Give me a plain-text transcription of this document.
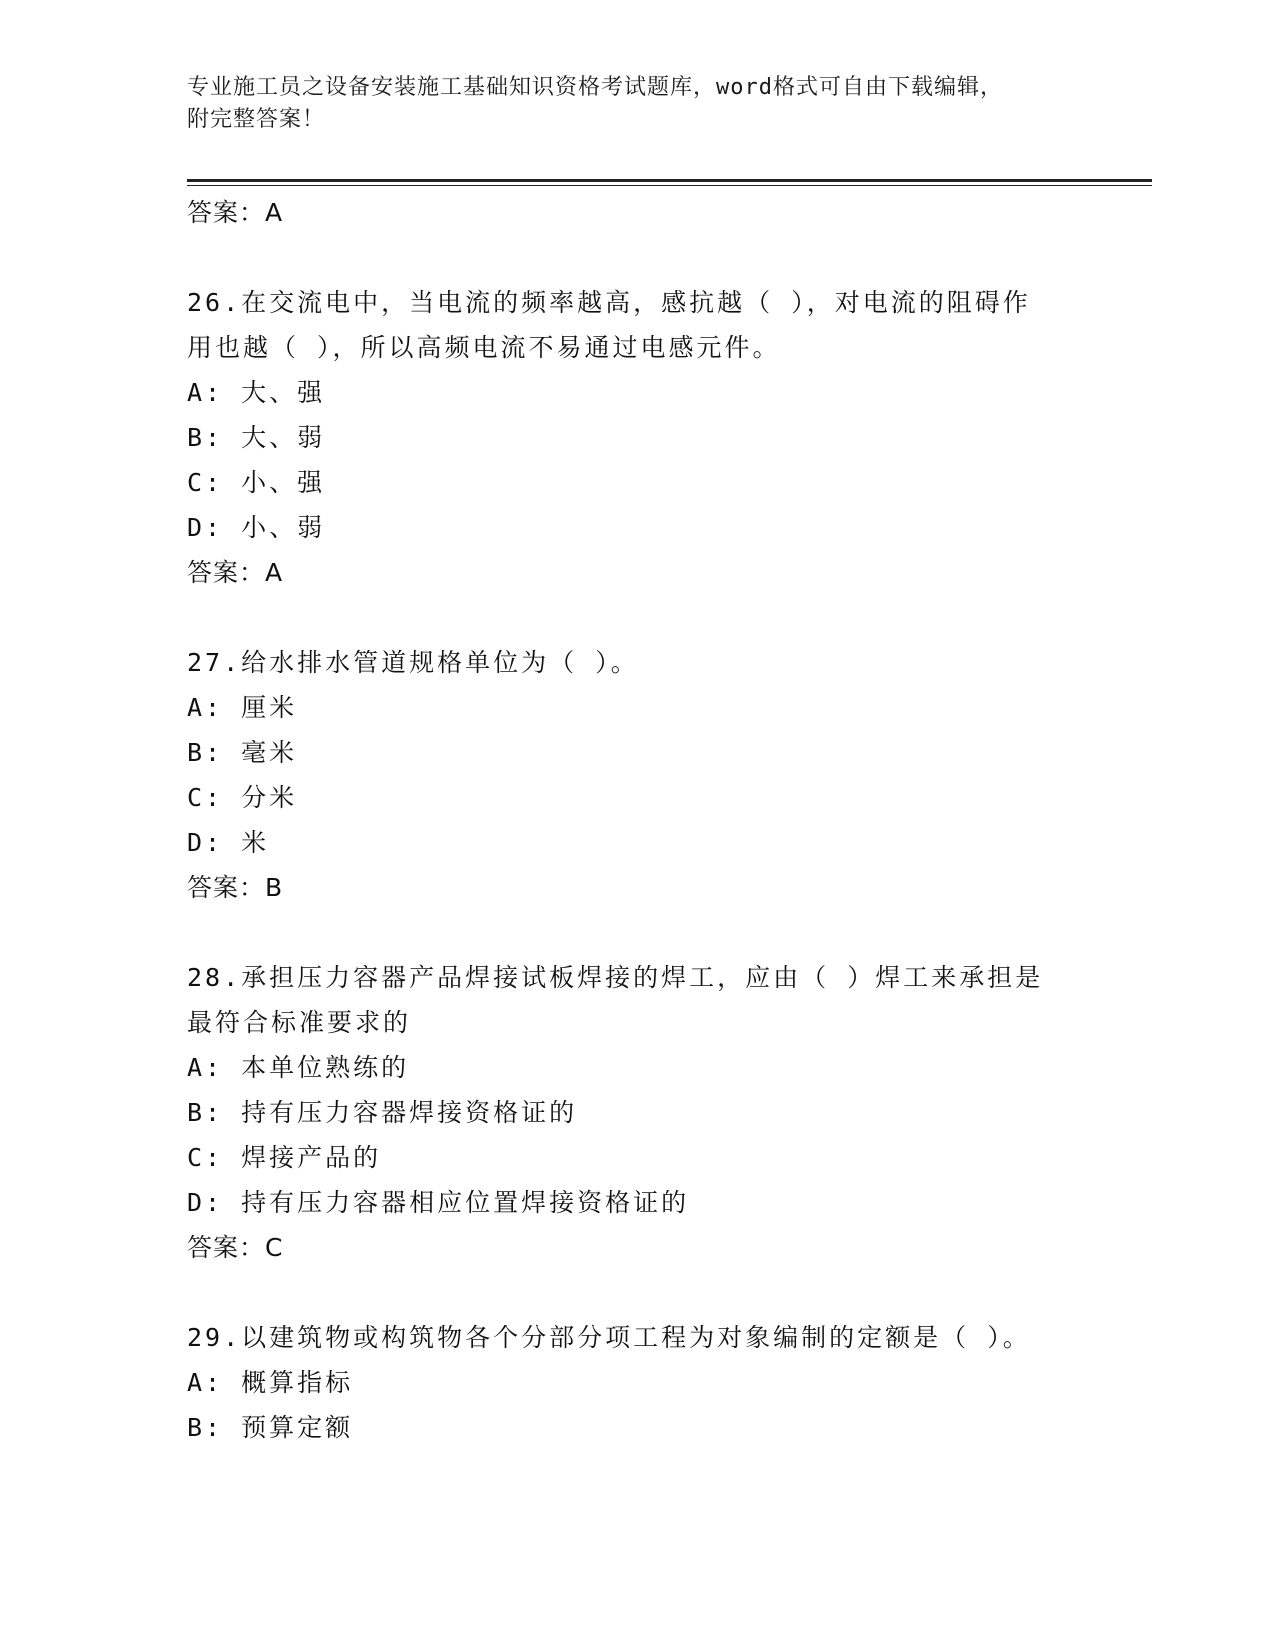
专业施工员之设备安装施工基础知识资格考试题库，word格式可自由下载编辑，
附完整答案！
答案：A
26.在交流电中，当电流的频率越高，感抗越（ ），对电流的阻碍作
用也越（ ），所以高频电流不易通过电感元件。
A: 大、强
B: 大、弱
C: 小、强
D: 小、弱
答案：A
27.给水排水管道规格单位为（ ）。
A: 厘米
B: 毫米
C: 分米
D: 米
答案：B
28.承担压力容器产品焊接试板焊接的焊工，应由（ ）焊工来承担是
最符合标准要求的
A: 本单位熟练的
B: 持有压力容器焊接资格证的
C: 焊接产品的
D: 持有压力容器相应位置焊接资格证的
答案：C
29.以建筑物或构筑物各个分部分项工程为对象编制的定额是（ ）。
A: 概算指标
B: 预算定额
